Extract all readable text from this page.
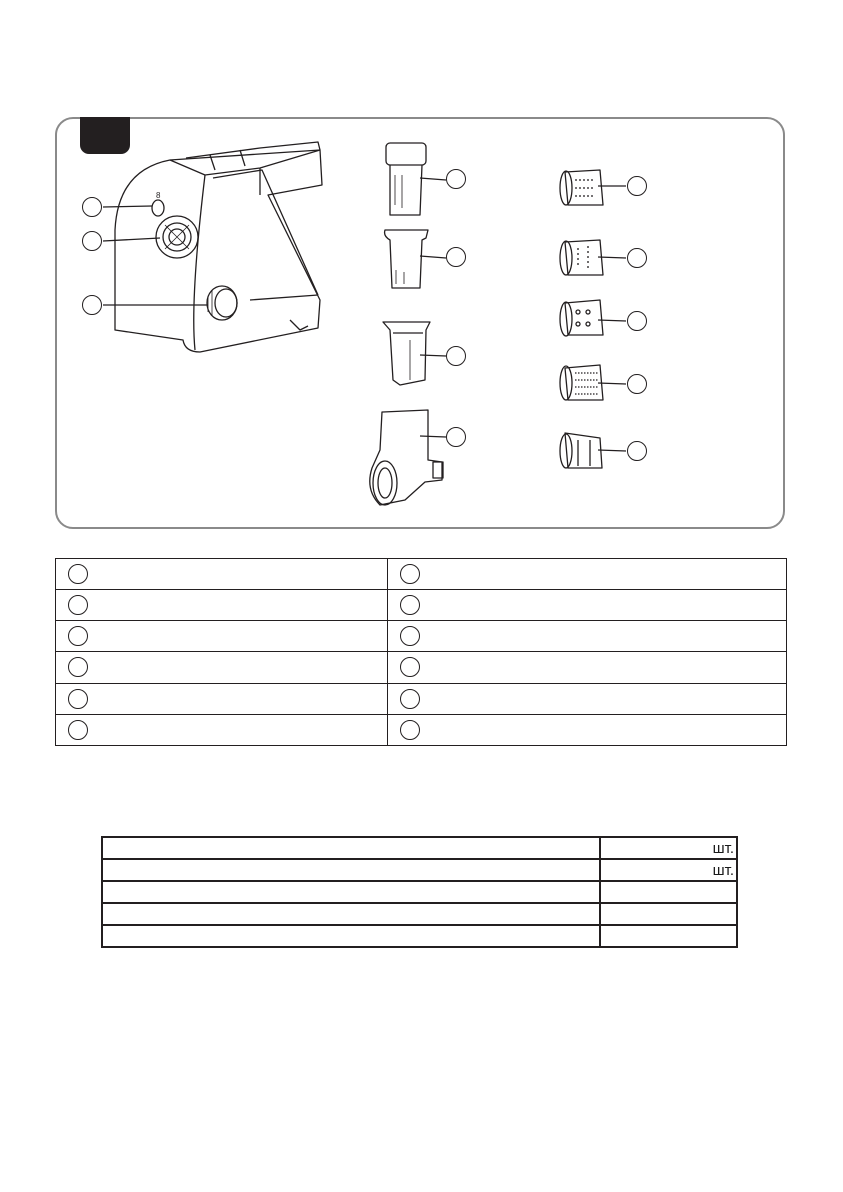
8

	шт.
	шт.
